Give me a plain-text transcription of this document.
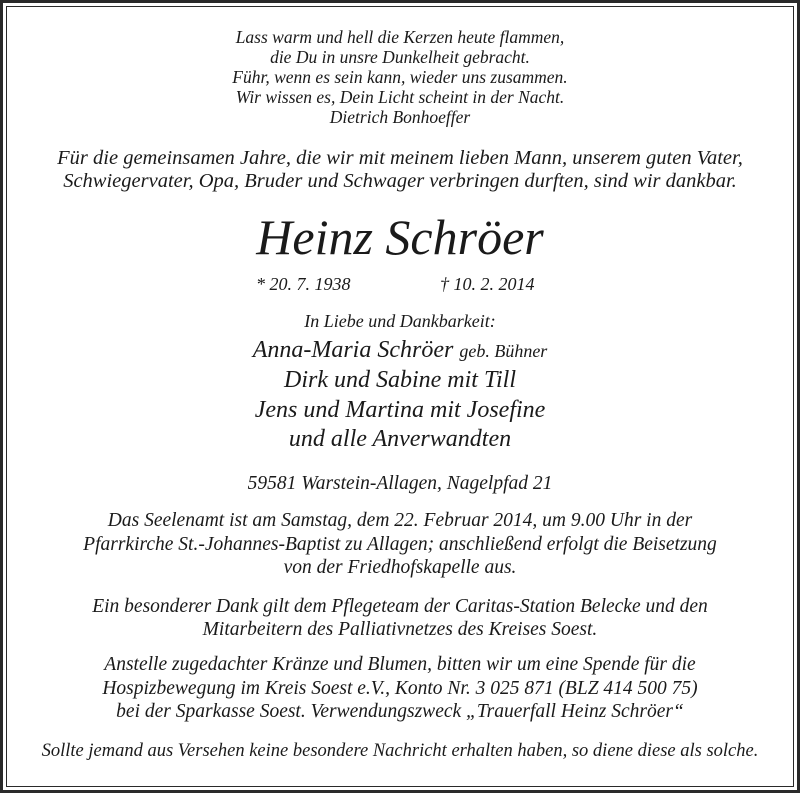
Lass warm und hell die Kerzen heute flammen,
die Du in unsre Dunkelheit gebracht.
Führ, wenn es sein kann, wieder uns zusammen.
Wir wissen es, Dein Licht scheint in der Nacht.
Dietrich Bonhoeffer
Für die gemeinsamen Jahre, die wir mit meinem lieben Mann, unserem guten Vater,
Schwiegervater, Opa, Bruder und Schwager verbringen durften, sind wir dankbar.
Heinz Schröer
* 20. 7. 1938	† 10. 2. 2014
In Liebe und Dankbarkeit:
Anna-Maria Schröer geb. Bühner
Dirk und Sabine mit Till
Jens und Martina mit Josefine
und alle Anverwandten
59581 Warstein-Allagen, Nagelpfad 21
Das Seelenamt ist am Samstag, dem 22. Februar 2014, um 9.00 Uhr in der
Pfarrkirche St.-Johannes-Baptist zu Allagen; anschließend erfolgt die Beisetzung
von der Friedhofskapelle aus.
Ein besonderer Dank gilt dem Pflegeteam der Caritas-Station Belecke und den
Mitarbeitern des Palliativnetzes des Kreises Soest.
Anstelle zugedachter Kränze und Blumen, bitten wir um eine Spende für die
Hospizbewegung im Kreis Soest e.V., Konto Nr. 3 025 871 (BLZ 414 500 75)
bei der Sparkasse Soest. Verwendungszweck „Trauerfall Heinz Schröer“
Sollte jemand aus Versehen keine besondere Nachricht erhalten haben, so diene diese als solche.
